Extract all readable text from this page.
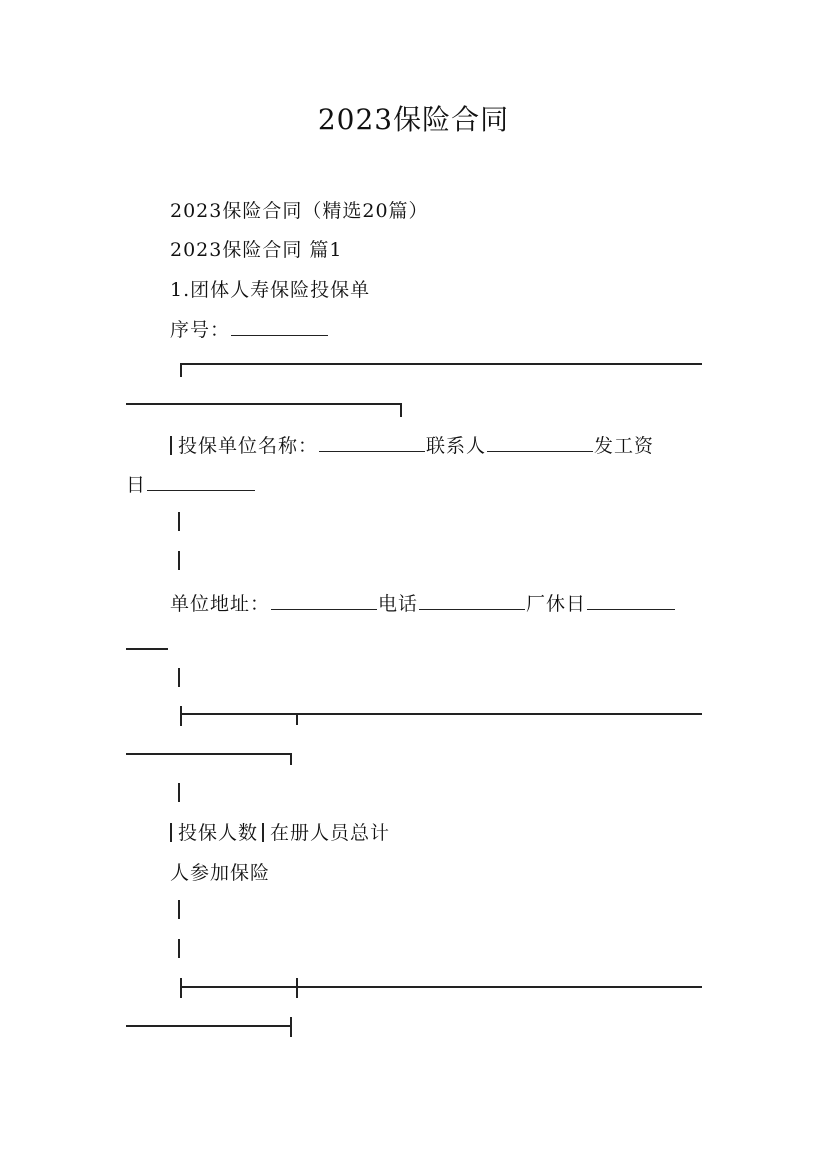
2023保险合同
2023保险合同（精选20篇）
2023保险合同 篇1
1.团体人寿保险投保单
序号：
投保单位名称：	联系人	发工资
日
单位地址：	电话	厂休日
投保人数 在册人员总计
人参加保险
